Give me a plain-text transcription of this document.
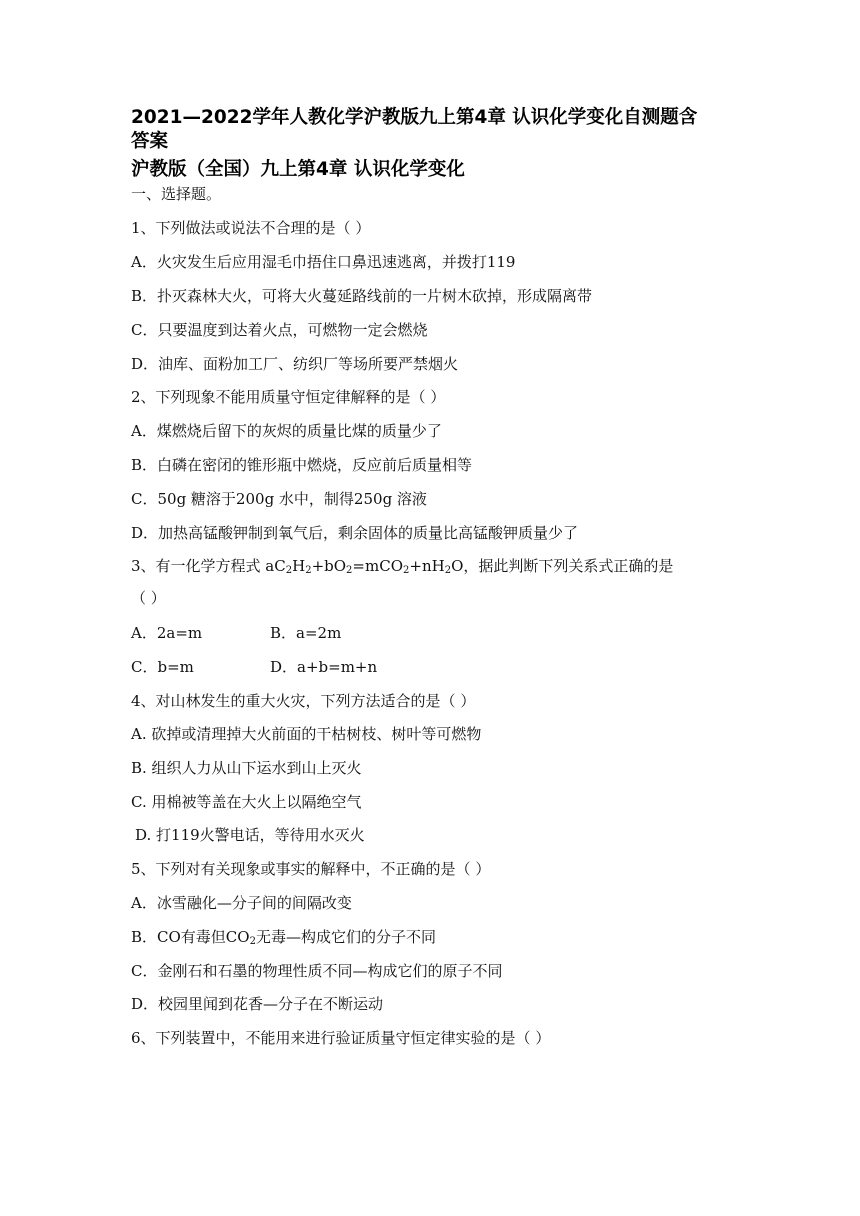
2021—2022学年人教化学沪教版九上第4章 认识化学变化自测题含
答案
沪教版（全国）九上第4章 认识化学变化
一、选择题。
1、下列做法或说法不合理的是（ ）
A．火灾发生后应用湿毛巾捂住口鼻迅速逃离，并拨打119
B．扑灭森林大火，可将大火蔓延路线前的一片树木砍掉，形成隔离带
C．只要温度到达着火点，可燃物一定会燃烧
D．油库、面粉加工厂、纺织厂等场所要严禁烟火
2、下列现象不能用质量守恒定律解释的是（ ）
A．煤燃烧后留下的灰烬的质量比煤的质量少了
B．白磷在密闭的锥形瓶中燃烧，反应前后质量相等
C．50g 糖溶于200g 水中，制得250g 溶液
D．加热高锰酸钾制到氧气后，剩余固体的质量比高锰酸钾质量少了
3、有一化学方程式 $aC_2H_2+bO_2=mCO_2+nH_2O$，据此判断下列关系式正确的是
（ ）
A．2a=m	B．a=2m
C．b=m	D．a+b=m+n
4、对山林发生的重大火灾，下列方法适合的是（ ）
A. 砍掉或清理掉大火前面的干枯树枝、树叶等可燃物
B. 组织人力从山下运水到山上灭火
C. 用棉被等盖在大火上以隔绝空气
D. 打119火警电话，等待用水灭火
5、下列对有关现象或事实的解释中，不正确的是（ ）
A．冰雪融化—分子间的间隔改变
B．CO有毒但$CO_2$无毒—构成它们的分子不同
C．金刚石和石墨的物理性质不同—构成它们的原子不同
D．校园里闻到花香—分子在不断运动
6、下列装置中，不能用来进行验证质量守恒定律实验的是（ ）
